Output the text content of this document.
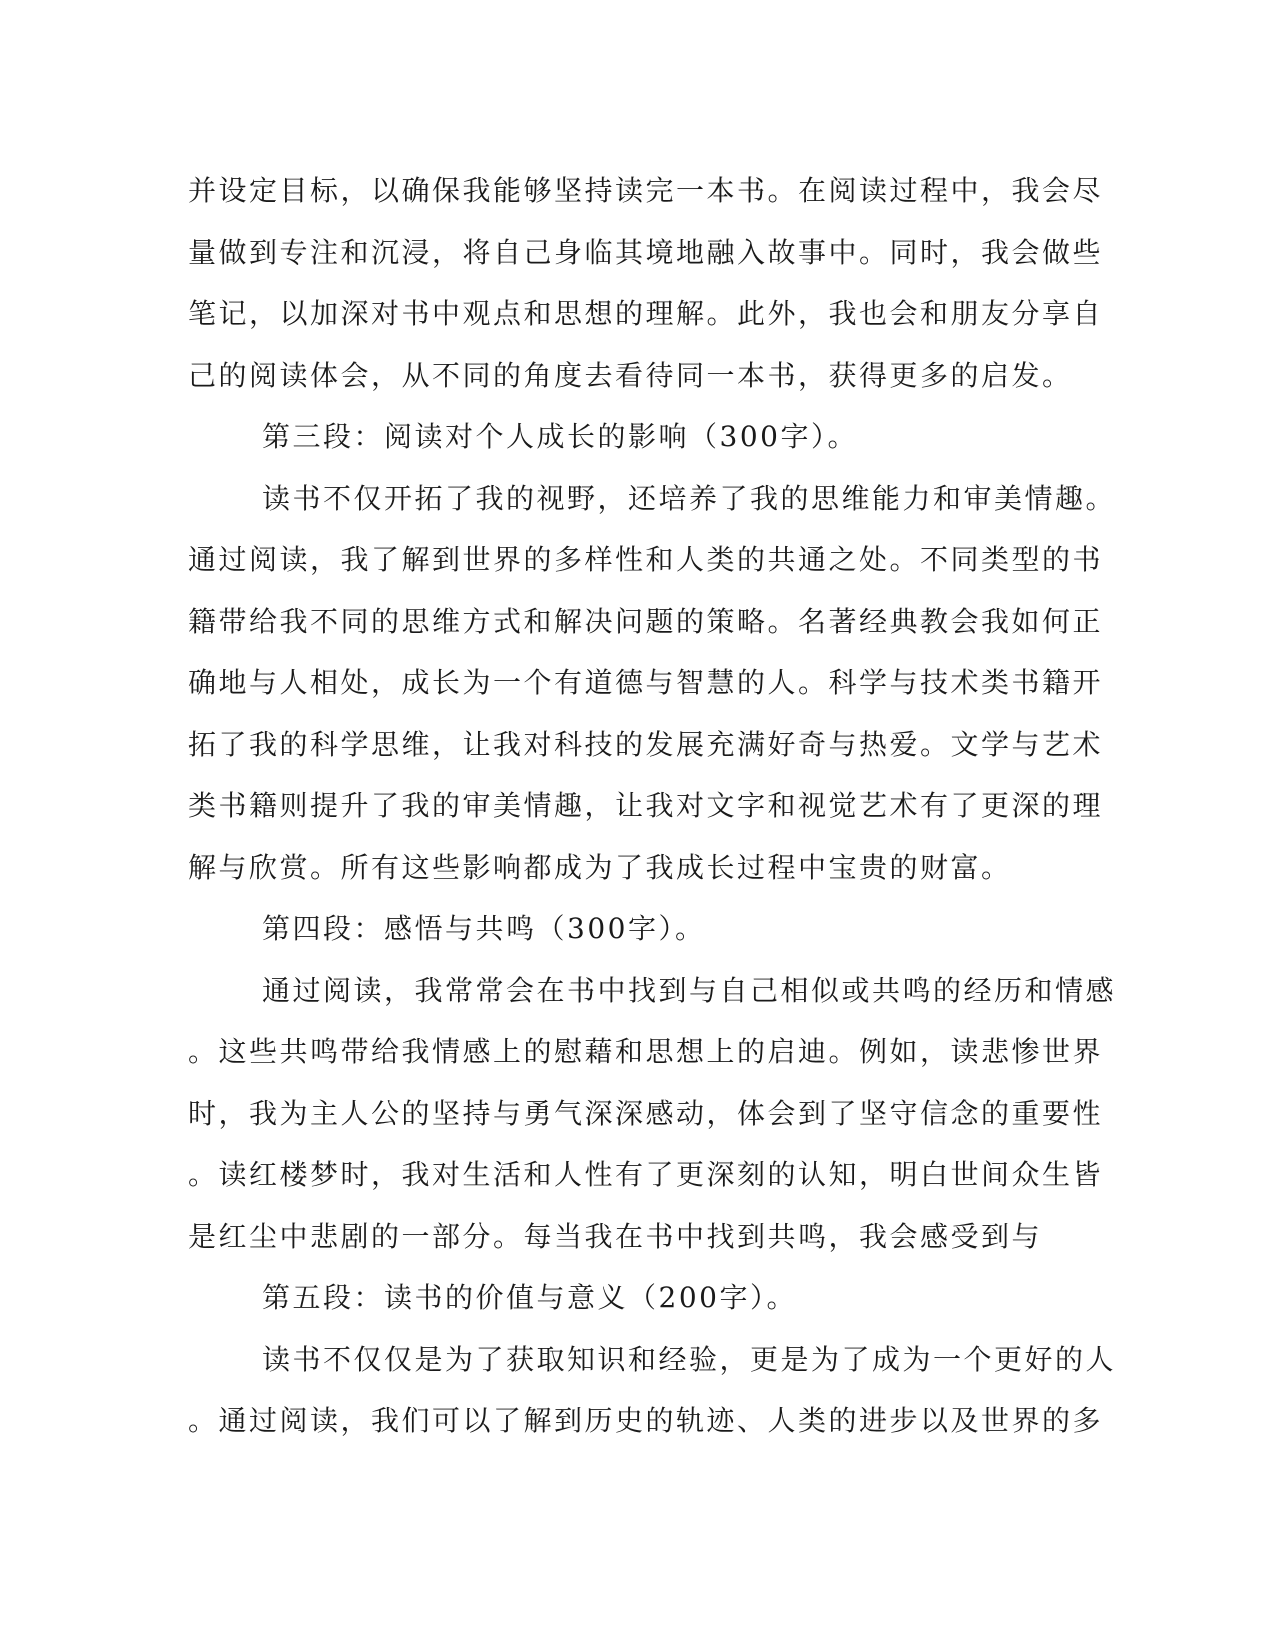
并设定目标，以确保我能够坚持读完一本书。在阅读过程中，我会尽
量做到专注和沉浸，将自己身临其境地融入故事中。同时，我会做些
笔记，以加深对书中观点和思想的理解。此外，我也会和朋友分享自
己的阅读体会，从不同的角度去看待同一本书，获得更多的启发。
第三段：阅读对个人成长的影响（300字）。
读书不仅开拓了我的视野，还培养了我的思维能力和审美情趣。
通过阅读，我了解到世界的多样性和人类的共通之处。不同类型的书
籍带给我不同的思维方式和解决问题的策略。名著经典教会我如何正
确地与人相处，成长为一个有道德与智慧的人。科学与技术类书籍开
拓了我的科学思维，让我对科技的发展充满好奇与热爱。文学与艺术
类书籍则提升了我的审美情趣，让我对文字和视觉艺术有了更深的理
解与欣赏。所有这些影响都成为了我成长过程中宝贵的财富。
第四段：感悟与共鸣（300字）。
通过阅读，我常常会在书中找到与自己相似或共鸣的经历和情感
。这些共鸣带给我情感上的慰藉和思想上的启迪。例如，读悲惨世界
时，我为主人公的坚持与勇气深深感动，体会到了坚守信念的重要性
。读红楼梦时，我对生活和人性有了更深刻的认知，明白世间众生皆
是红尘中悲剧的一部分。每当我在书中找到共鸣，我会感受到与
第五段：读书的价值与意义（200字）。
读书不仅仅是为了获取知识和经验，更是为了成为一个更好的人
。通过阅读，我们可以了解到历史的轨迹、人类的进步以及世界的多
